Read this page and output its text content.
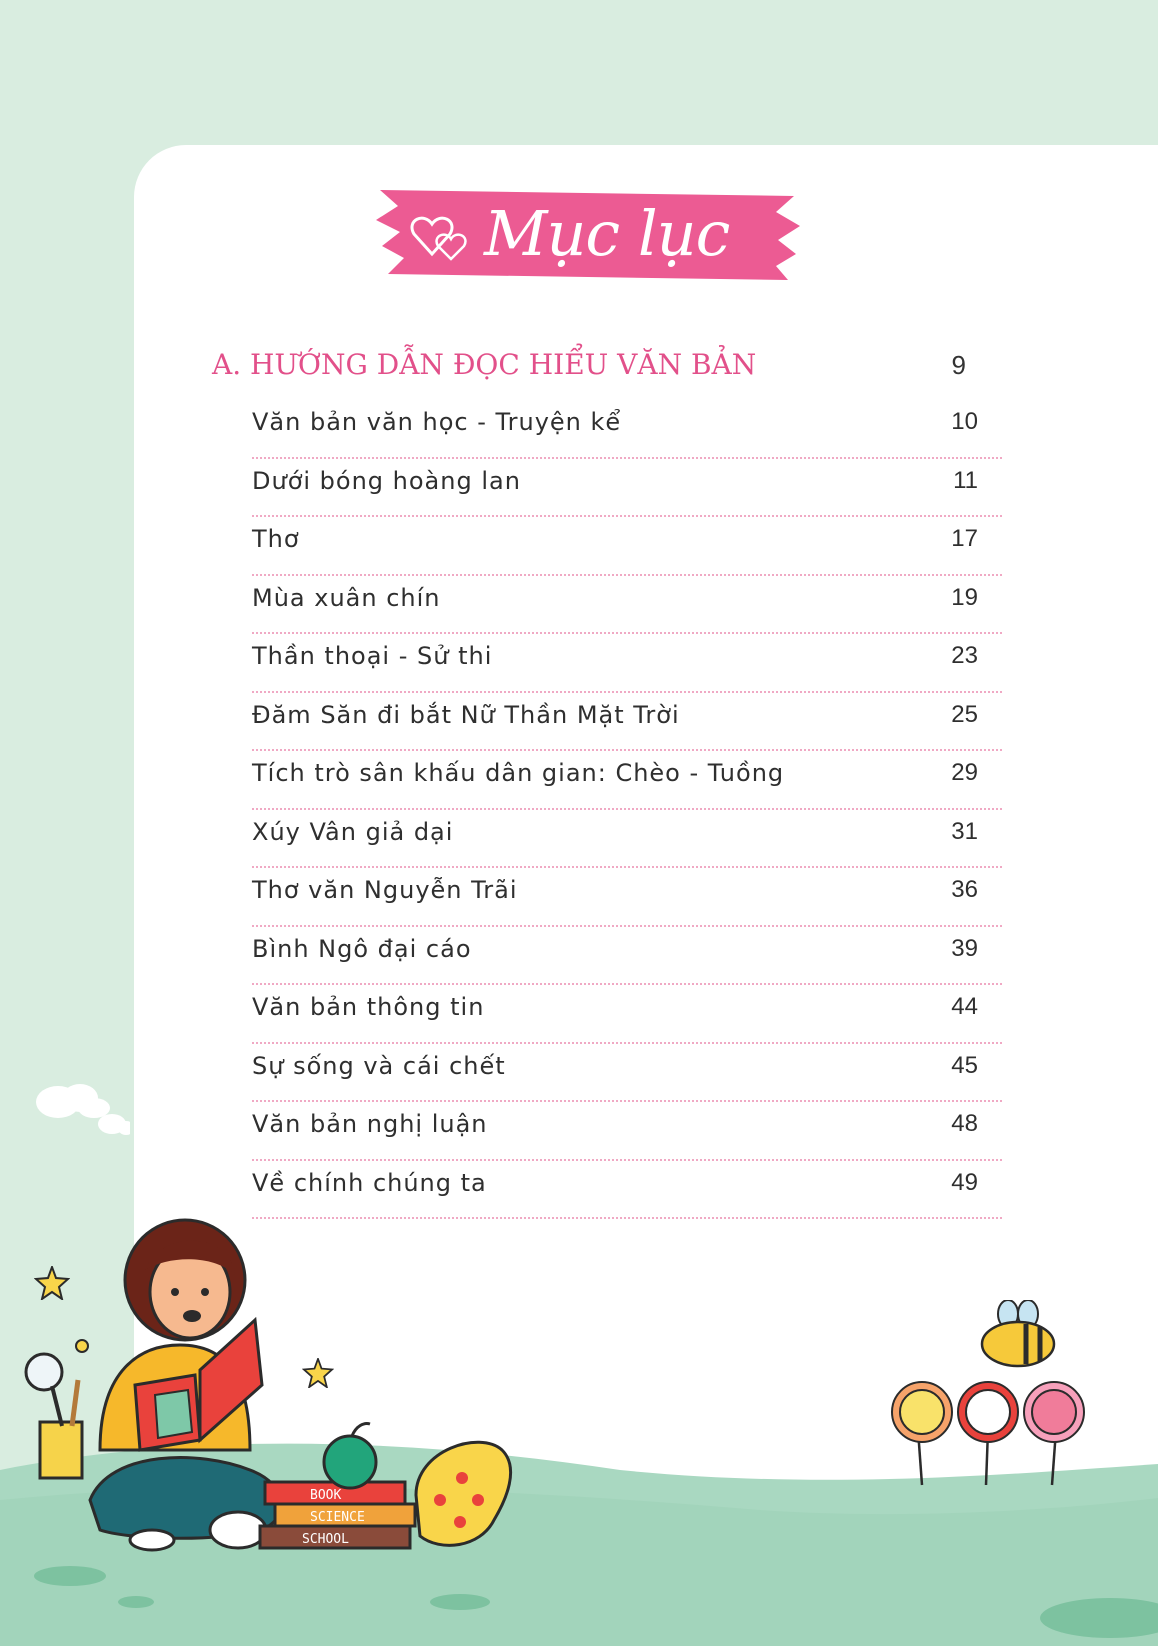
Mục lục
A. HƯỚNG DẪN ĐỌC HIỂU VĂN BẢN	9
Văn bản văn học - Truyện kể	10
Dưới bóng hoàng lan	11
Thơ	17
Mùa xuân chín	19
Thần thoại - Sử thi	23
Đăm Săn đi bắt Nữ Thần Mặt Trời	25
Tích trò sân khấu dân gian: Chèo - Tuồng	29
Xúy Vân giả dại	31
Thơ văn Nguyễn Trãi	36
Bình Ngô đại cáo	39
Văn bản thông tin	44
Sự sống và cái chết	45
Văn bản nghị luận	48
Về chính chúng ta	49
BOOK
SCIENCE
SCHOOL
